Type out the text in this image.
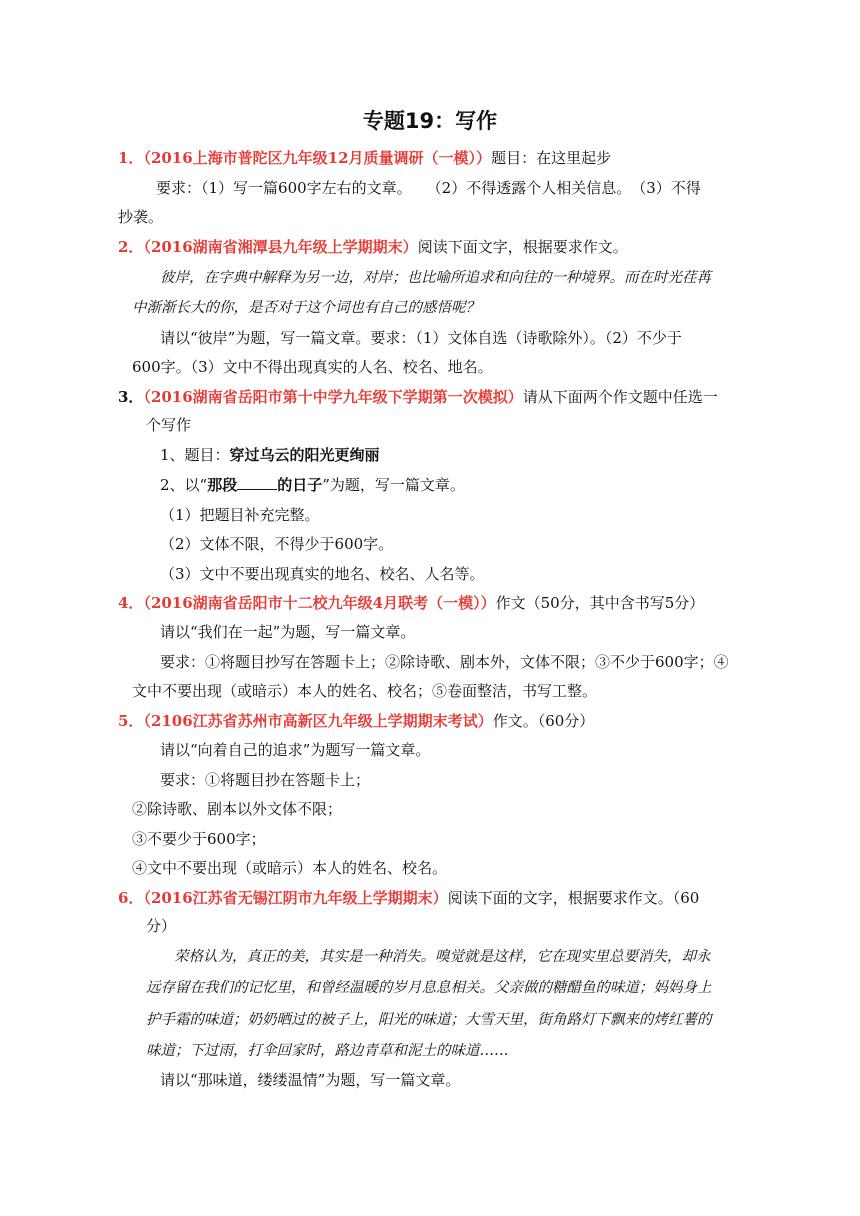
专题19：写作
1．（2016上海市普陀区九年级12月质量调研（一模））题目：在这里起步
要求：（1）写一篇600字左右的文章。　　（2）不得透露个人相关信息。　（3）不得
抄袭。
2．（2016湖南省湘潭县九年级上学期期末）阅读下面文字，根据要求作文。
彼岸，在字典中解释为另一边，对岸；也比喻所追求和向往的一种境界。而在时光荏苒
中渐渐长大的你，是否对于这个词也有自己的感悟呢？
请以“彼岸”为题，写一篇文章。要求：（1）文体自选（诗歌除外）。（2）不少于
600字。（3）文中不得出现真实的人名、校名、地名。
3．（2016湖南省岳阳市第十中学九年级下学期第一次模拟）请从下面两个作文题中任选一
个写作
1、题目：穿过乌云的阳光更绚丽
2、以“那段	的日子”为题，写一篇文章。
（1）把题目补充完整。
（2）文体不限，不得少于600字。
（3）文中不要出现真实的地名、校名、人名等。
4．（2016湖南省岳阳市十二校九年级4月联考（一模））作文（50分，其中含书写5分）
请以“我们在一起”为题，写一篇文章。
要求：①将题目抄写在答题卡上；②除诗歌、剧本外，文体不限；③不少于600字；④
文中不要出现（或暗示）本人的姓名、校名；⑤卷面整洁，书写工整。
5．（2106江苏省苏州市高新区九年级上学期期末考试）作文。（60分）
请以“向着自己的追求”为题写一篇文章。
要求：①将题目抄在答题卡上；
②除诗歌、剧本以外文体不限；
③不要少于600字；
④文中不要出现（或暗示）本人的姓名、校名。
6．（2016江苏省无锡江阴市九年级上学期期末）阅读下面的文字，根据要求作文。（60
分）
荣格认为，真正的美，其实是一种消失。嗅觉就是这样，它在现实里总要消失，却永
远存留在我们的记忆里，和曾经温暖的岁月息息相关。父亲做的糖醋鱼的味道；妈妈身上
护手霜的味道；奶奶晒过的被子上，阳光的味道；大雪天里，街角路灯下飘来的烤红薯的
味道；下过雨，打伞回家时，路边青草和泥土的味道……
请以“那味道，缕缕温情”为题，写一篇文章。
